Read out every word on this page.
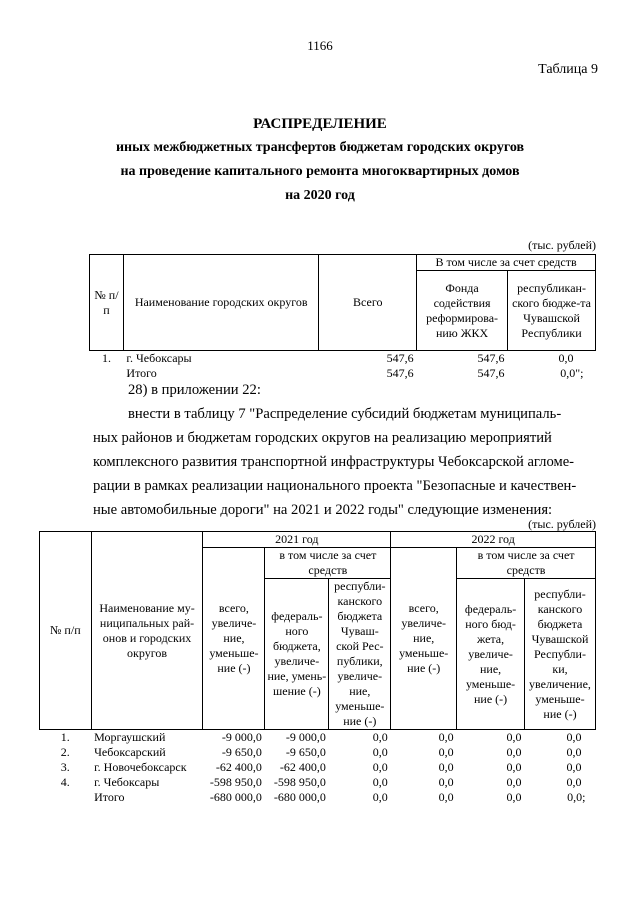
1166
Таблица 9
РАСПРЕДЕЛЕНИЕ
иных межбюджетных трансфертов бюджетам городских округов
на проведение капитального ремонта многоквартирных домов
на 2020 год
(тыс. рублей)
№ п/п	Наименование городских округов	Всего	В том числе за счет средств	
			Фонда содействия реформирова-нию ЖКХ	республикан-ского бюдже-та Чувашской Республики
1.	г. Чебоксары	547,6	547,6	0,0
	Итого	547,6	547,6	0,0";
28) в приложении 22:
внести в таблицу 7 "Распределение субсидий бюджетам муниципаль-
ных районов и бюджетам городских округов на реализацию мероприятий
комплексного развития транспортной инфраструктуры Чебоксарской агломе-
рации в рамках реализации национального проекта "Безопасные и качествен-
ные автомобильные дороги" на 2021 и 2022 годы" следующие изменения:
(тыс. рублей)
№ п/п	Наименование му-ниципальных рай-онов и городских округов	2021 год			2022 год		
		всего, увеличе-ние, уменьше-ние (-)	в том числе за счет средств		всего, увеличе-ние, уменьше-ние (-)	в том числе за счет средств	
			федераль-ного бюджета, увеличе-ние, умень-шение (-)	республи-канского бюджета Чуваш-ской Рес-публики, увеличе-ние, уменьше-ние (-)		федераль-ного бюд-жета, увеличе-ние, уменьше-ние (-)	республи-канского бюджета Чувашской Республи-ки, увеличение, уменьше-ние (-)
1.	Моргаушский	-9 000,0	-9 000,0	0,0	0,0	0,0	0,0
2.	Чебоксарский	-9 650,0	-9 650,0	0,0	0,0	0,0	0,0
3.	г. Новочебоксарск	-62 400,0	-62 400,0	0,0	0,0	0,0	0,0
4.	г. Чебоксары	-598 950,0	-598 950,0	0,0	0,0	0,0	0,0
	Итого	-680 000,0	-680 000,0	0,0	0,0	0,0	0,0;
